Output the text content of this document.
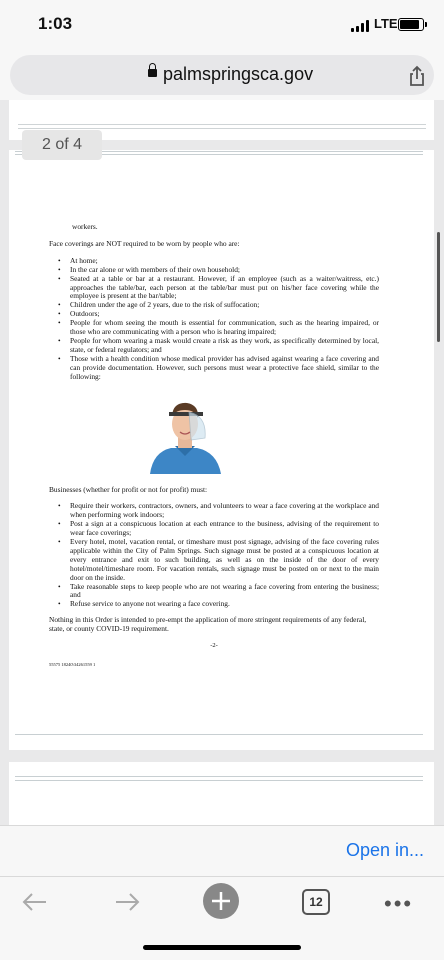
1:03	LTE
palmspringsca.gov

workers.

Face coverings are NOT required to be worn by people who are:

• At home;
• In the car alone or with members of their own household;
• Seated at a table or bar at a restaurant. However, if an employee (such as a waiter/waitress, etc.) approaches the table/bar, each person at the table/bar must put on his/her face covering while the employee is present at the bar/table;
• Children under the age of 2 years, due to the risk of suffocation;
• Outdoors;
• People for whom seeing the mouth is essential for communication, such as the hearing impaired, or those who are communicating with a person who is hearing impaired;
• People for whom wearing a mask would create a risk as they work, as specifically determined by local, state, or federal regulators; and
• Those with a health condition whose medical provider has advised against wearing a face covering and can provide documentation. However, such persons must wear a protective face shield, similar to the following:

Businesses (whether for profit or not for profit) must:

• Require their workers, contractors, owners, and volunteers to wear a face covering at the workplace and when performing work indoors;
• Post a sign at a conspicuous location at each entrance to the business, advising of the requirement to wear face coverings;
• Every hotel, motel, vacation rental, or timeshare must post signage, advising of the face covering rules applicable within the City of Palm Springs. Such signage must be posted at a conspicuous location at every entrance and exit to such building, as well as on the inside of the door of every hotel/motel/timeshare room. For vacation rentals, such signage must be posted on or next to the main door on the inside.
• Take reasonable steps to keep people who are not wearing a face covering from entering the business; and
• Refuse service to anyone not wearing a face covering.

Nothing in this Order is intended to pre-empt the application of more stringent requirements of any federal, state, or county COVID-19 requirement.

-2-
55575 18240\34261559 1
2 of 4
Open in...
12	•••
